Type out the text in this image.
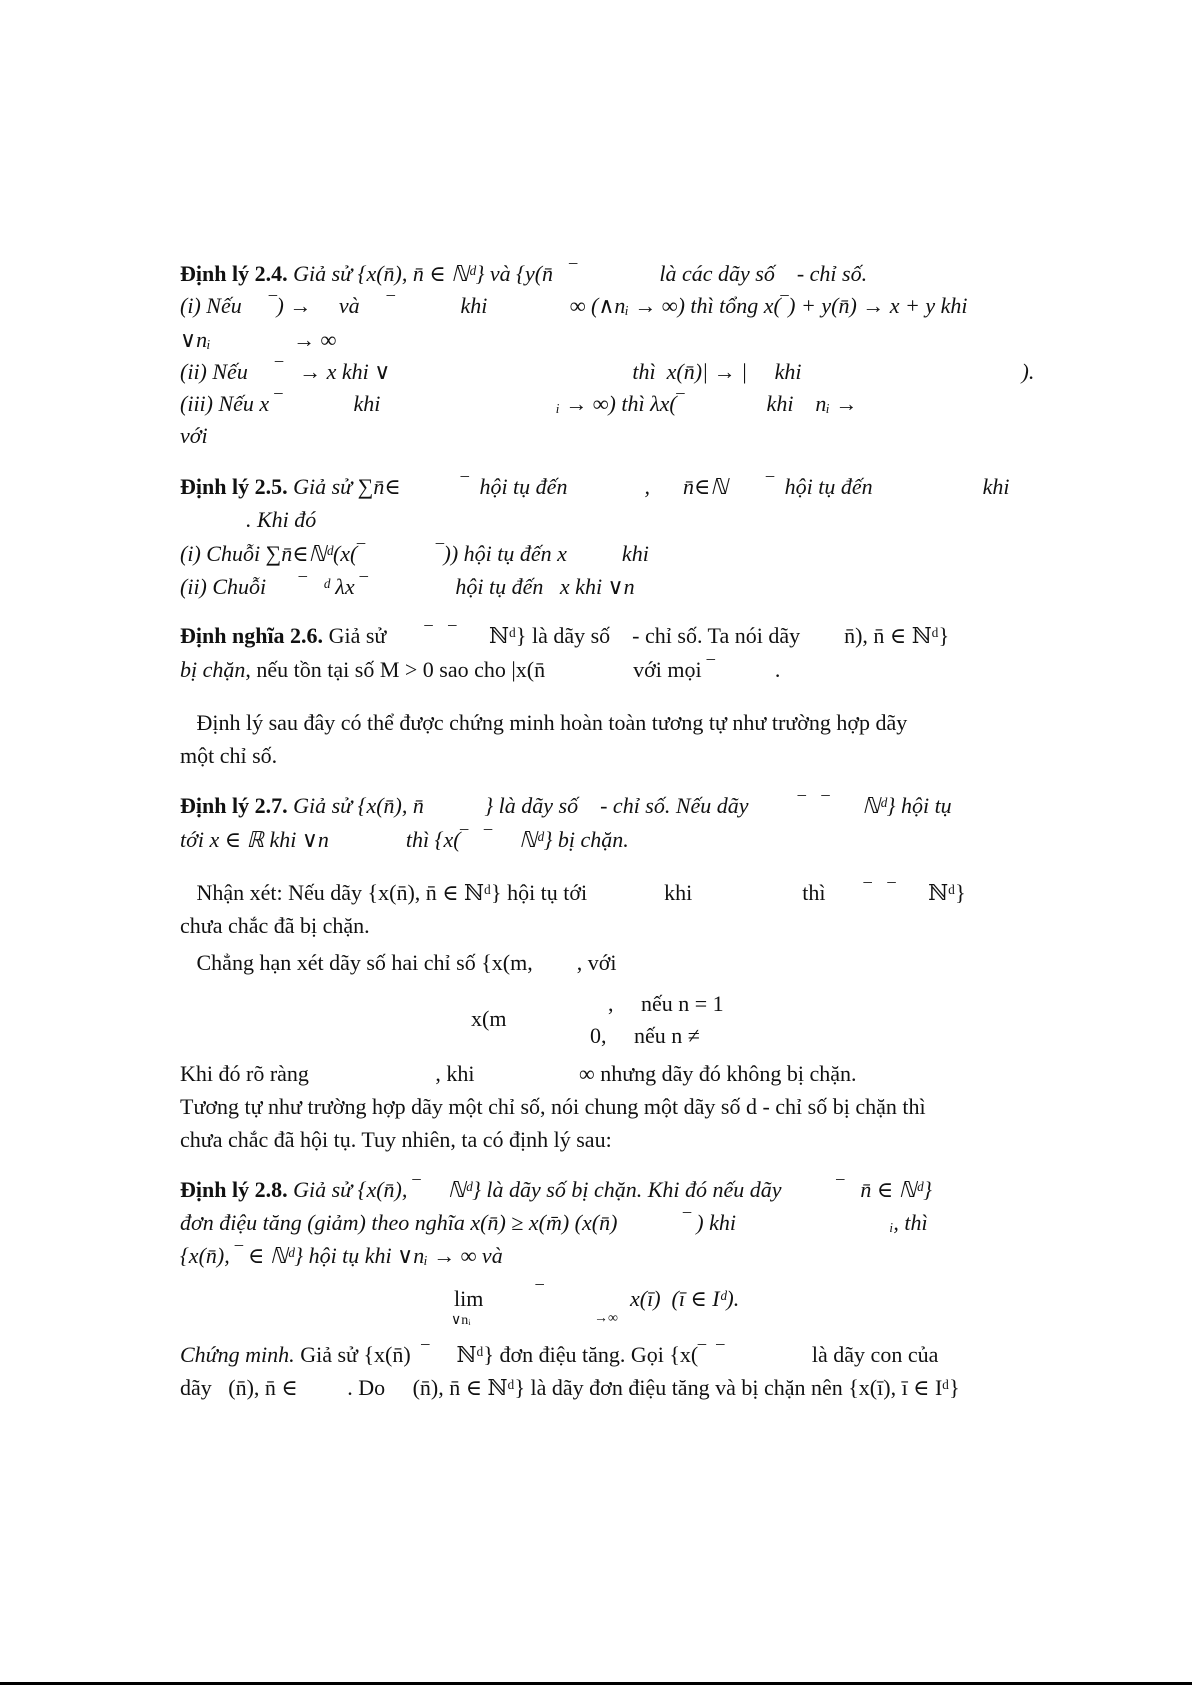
Định lý 2.4. Giả sử {x(n̄), n̄ ∈ ℕᵈ} và {y(n̄   ‾               là các dãy số    - chỉ số.
(i) Nếu     ‾) →     và     ‾            khi               ∞ (∧nᵢ → ∞) thì tổng x(‾) + y(n̄) → x + y khi
∨nᵢ               → ∞
(ii) Nếu     ‾   → x khi ∨                                            thì  x(n̄)| → |     khi                                        ).
(iii) Nếu x ‾             khi                                ᵢ → ∞) thì λx(‾               khi    nᵢ →
với
Định lý 2.5. Giả sử ∑n̄∈           ‾  hội tụ đến              ,      n̄∈ℕ       ‾  hội tụ đến                    khi
. Khi đó
(i) Chuỗi ∑n̄∈ℕᵈ(x(‾             ‾)) hội tụ đến x          khi
(ii) Chuỗi      ‾   ᵈ λx ‾                hội tụ đến   x khi ∨n
Định nghĩa 2.6. Giả sử       ‾   ‾      ℕᵈ} là dãy số    - chỉ số. Ta nói dãy        n̄), n̄ ∈ ℕᵈ}
bị chặn, nếu tồn tại số M > 0 sao cho |x(n̄                với mọi ‾           .
Định lý sau đây có thể được chứng minh hoàn toàn tương tự như trường hợp dãy
một chỉ số.
Định lý 2.7. Giả sử {x(n̄), n̄           } là dãy số    - chỉ số. Nếu dãy         ‾   ‾      ℕᵈ} hội tụ
tới x ∈ ℝ khi ∨n              thì {x(‾   ‾     ℕᵈ} bị chặn.
Nhận xét: Nếu dãy {x(n̄), n̄ ∈ ℕᵈ} hội tụ tới              khi                    thì       ‾   ‾      ℕᵈ}
chưa chắc đã bị chặn.
Chẳng hạn xét dãy số hai chỉ số {x(m,        , với
Khi đó rõ ràng                       , khi                   ∞ nhưng dãy đó không bị chặn.
Tương tự như trường hợp dãy một chỉ số, nói chung một dãy số d - chỉ số bị chặn thì
chưa chắc đã hội tụ. Tuy nhiên, ta có định lý sau:
Định lý 2.8. Giả sử {x(n̄), ‾     ℕᵈ} là dãy số bị chặn. Khi đó nếu dãy          ‾   n̄ ∈ ℕᵈ}
đơn điệu tăng (giảm) theo nghĩa x(n̄) ≥ x(m̄) (x(n̄)            ‾ ) khi                            ᵢ, thì
{x(n̄), ‾ ∈ ℕᵈ} hội tụ khi ∨nᵢ → ∞ và
Chứng minh. Giả sử {x(n̄)  ‾     ℕᵈ} đơn điệu tăng. Gọi {x(‾  ‾                là dãy con của
dãy   (n̄), n̄ ∈         . Do     (n̄), n̄ ∈ ℕᵈ} là dãy đơn điệu tăng và bị chặn nên {x(ī), ī ∈ Iᵈ}
x(m
,     nếu n = 1
0,     nếu n ≠
lim
∨nᵢ
‾
→∞
x(ī)  (ī ∈ Iᵈ).
